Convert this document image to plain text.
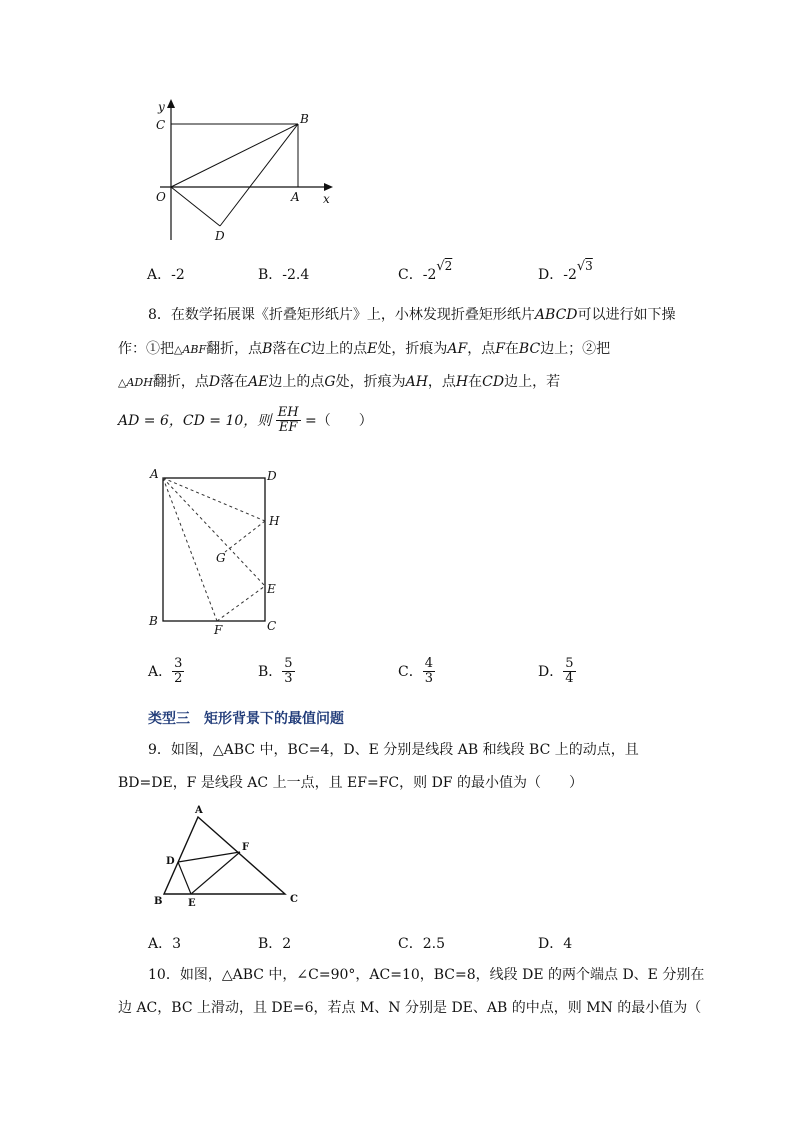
y
C	B
O	A x
D
A．-2	B．-2.4	C．-2√2
D．-2√3
8．在数学拓展课《折叠矩形纸片》上，小林发现折叠矩形纸片ABCD可以进行如下操
作：①把△ABF翻折，点B落在C边上的点E处，折痕为AF，点F在BC边上；②把
△ADH翻折，点D落在AE边上的点G处，折痕为AH，点H在CD边上，若
AD = 6，CD = 10，则 $\frac{EH}{EF}$ =（　　）
A	D
H
G
E
B
F	C
A． $\frac{3}{2}$	B． $\frac{5}{3}$	C． $\frac{4}{3}$	D． $\frac{5}{4}$
类型三　矩形背景下的最值问题
9．如图，△ABC 中，BC=4，D、E 分别是线段 AB 和线段 BC 上的动点，且
BD=DE，F 是线段 AC 上一点，且 EF=FC，则 DF 的最小值为（　　）
A
D
F
B	E	C
A．3	B．2	C．2.5	D．4
10．如图，△ABC 中，∠C=90°，AC=10，BC=8，线段 DE 的两个端点 D、E 分别在
边 AC，BC 上滑动，且 DE=6，若点 M、N 分别是 DE、AB 的中点，则 MN 的最小值为（
